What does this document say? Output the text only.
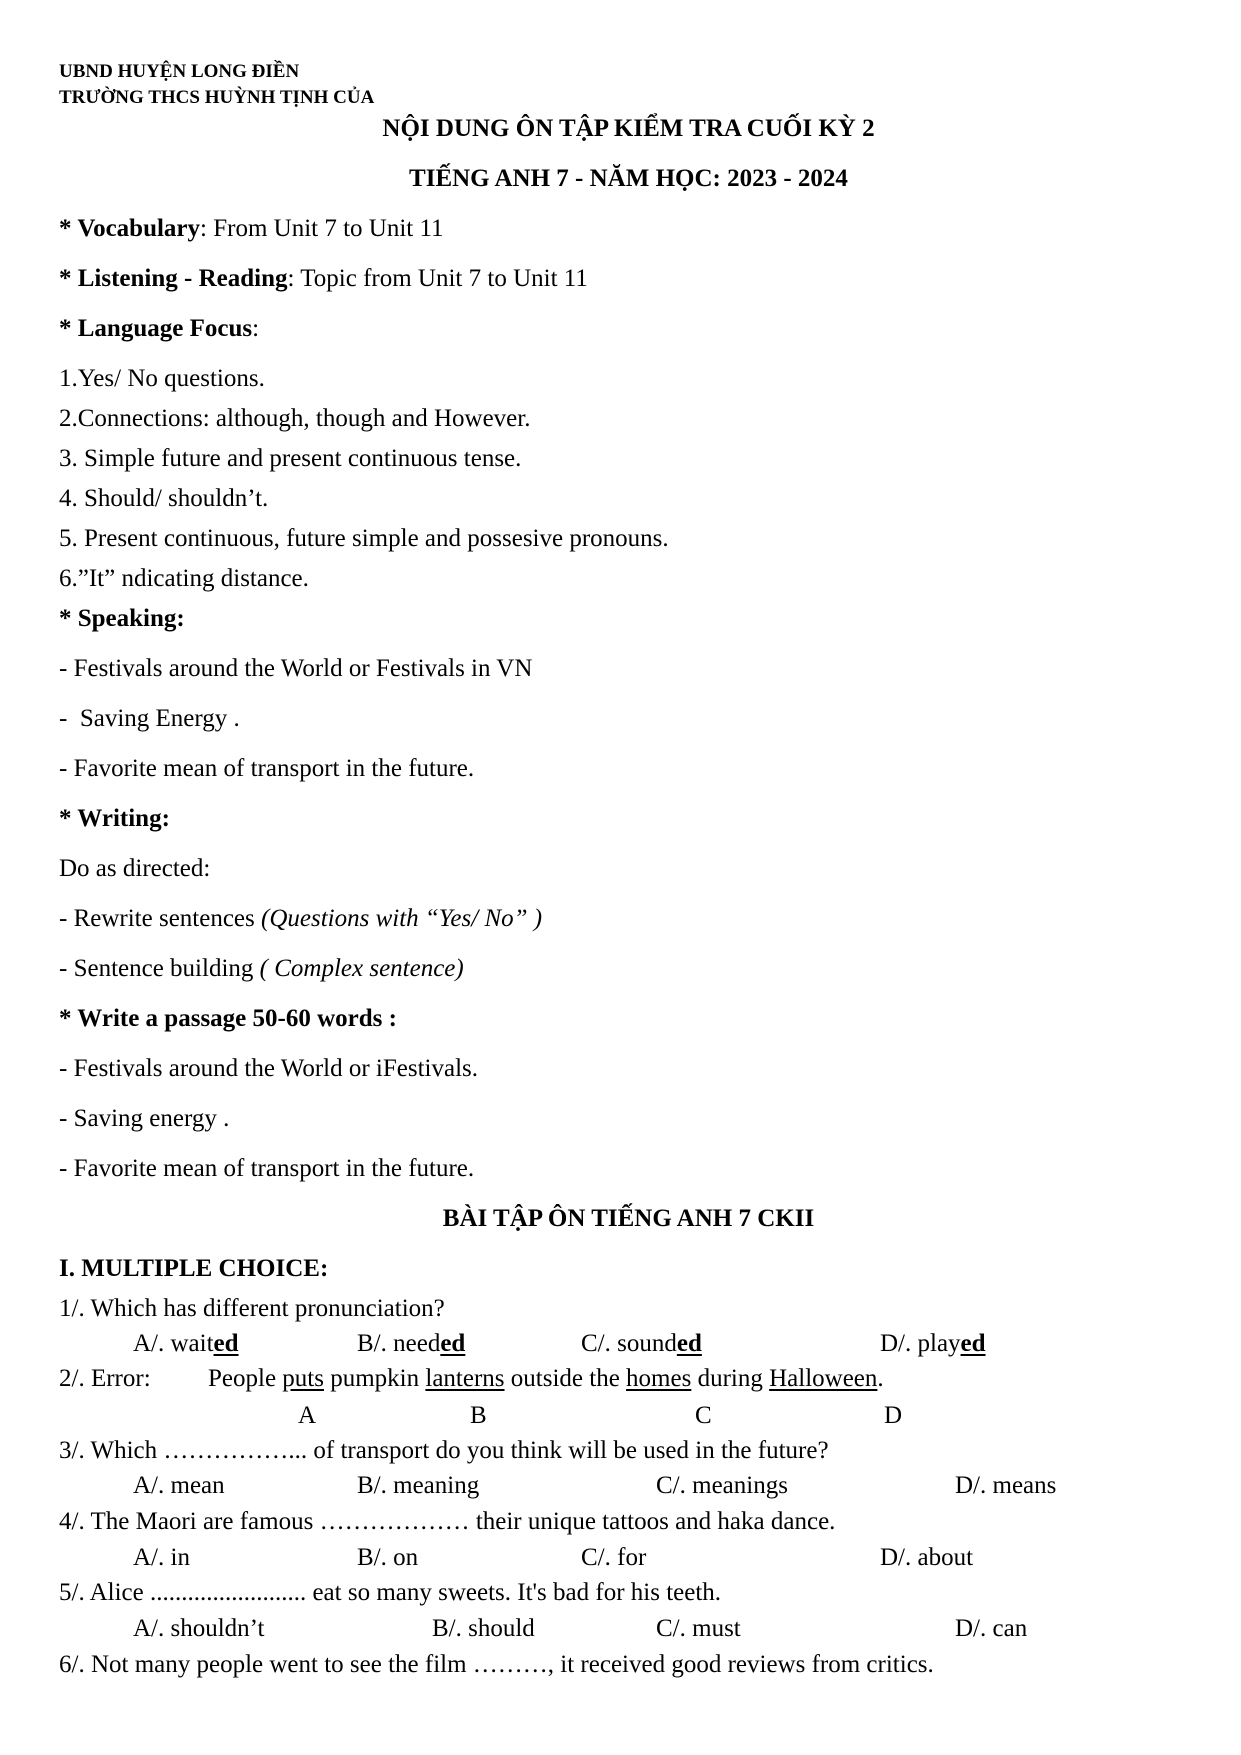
UBND HUYỆN LONG ĐIỀN
TRƯỜNG THCS HUỲNH TỊNH CỦA
NỘI DUNG ÔN TẬP KIỂM TRA CUỐI KỲ 2
TIẾNG ANH 7 - NĂM HỌC: 2023 - 2024
* Vocabulary: From Unit 7 to Unit 11
* Listening - Reading: Topic from Unit 7 to Unit 11
* Language Focus:
1.Yes/ No questions.
2.Connections: although, though and However.
3. Simple future and present continuous tense.
4. Should/ shouldn’t.
5. Present continuous, future simple and possesive pronouns.
6.”It” ndicating distance.
* Speaking:
- Festivals around the World or Festivals in VN
-  Saving Energy .
- Favorite mean of transport in the future.
* Writing:
Do as directed:
- Rewrite sentences (Questions with “Yes/ No” )
- Sentence building ( Complex sentence)
* Write a passage 50-60 words :
- Festivals around the World or iFestivals.
- Saving energy .
- Favorite mean of transport in the future.
BÀI TẬP ÔN TIẾNG ANH 7 CKII
I. MULTIPLE CHOICE:
1/. Which has different pronunciation?
A/. waited	B/. needed	C/. sounded	D/. played
2/. Error: People puts pumpkin lanterns outside the homes during Halloween.
A	B	C	D
3/. Which ……………... of transport do you think will be used in the future?
A/. mean	B/. meaning	C/. meanings	D/. means
4/. The Maori are famous ……………… their unique tattoos and haka dance.
A/. in	B/. on	C/. for	D/. about
5/. Alice ......................... eat so many sweets. It's bad for his teeth.
A/. shouldn’t	B/. should	C/. must	D/. can
6/. Not many people went to see the film ………, it received good reviews from critics.
